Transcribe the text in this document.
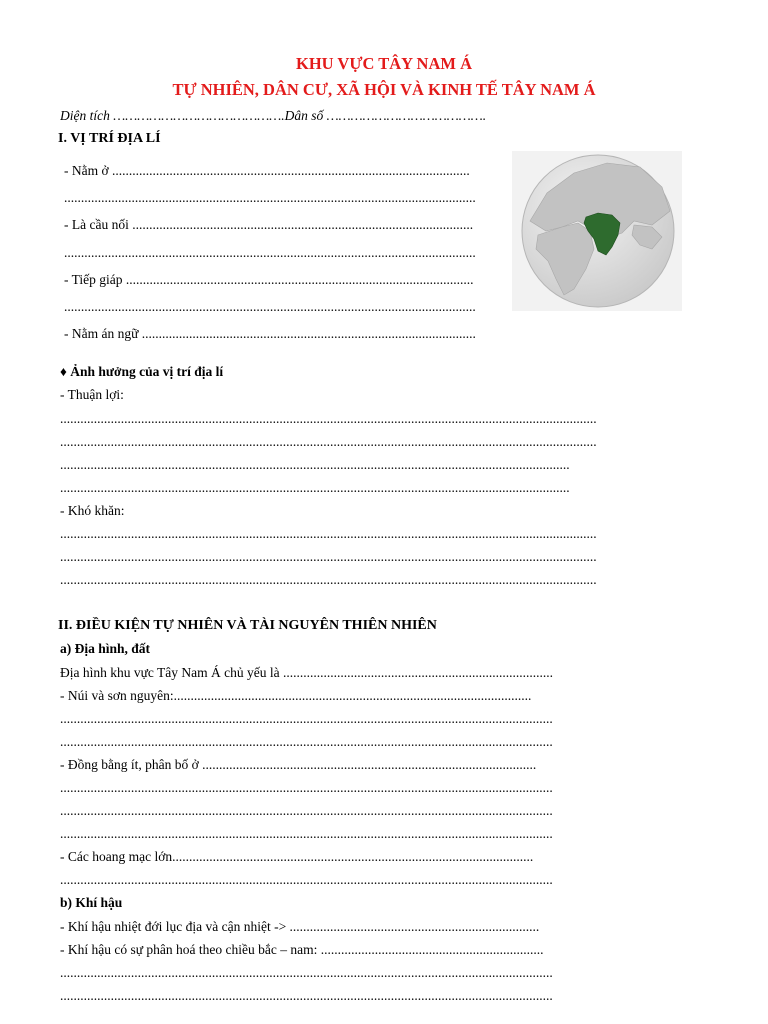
KHU VỰC TÂY NAM Á
TỰ NHIÊN, DÂN CƯ, XÃ HỘI VÀ KINH TẾ TÂY NAM Á
Diện tích …………………………………….Dân số ………………………………….
I. VỊ TRÍ ĐỊA LÍ
- Nằm ở ..........................................................................................................
..........................................................................................................................
- Là cầu nối .....................................................................................................
..........................................................................................................................
- Tiếp giáp .......................................................................................................
..........................................................................................................................
- Nằm án ngữ ...................................................................................................
♦ Ảnh hưởng của vị trí địa lí
- Thuận lợi:
...............................................................................................................................................................
...............................................................................................................................................................
.......................................................................................................................................................
.......................................................................................................................................................
- Khó khăn:
...............................................................................................................................................................
...............................................................................................................................................................
...............................................................................................................................................................
II. ĐIỀU KIỆN TỰ NHIÊN VÀ TÀI NGUYÊN THIÊN NHIÊN
a) Địa hình, đất
Địa hình khu vực Tây Nam Á chủ yếu là ................................................................................
- Núi và sơn nguyên:..........................................................................................................
..................................................................................................................................................
..................................................................................................................................................
- Đồng bằng ít, phân bố ở ...................................................................................................
..................................................................................................................................................
..................................................................................................................................................
..................................................................................................................................................
- Các hoang mạc lớn...........................................................................................................
..................................................................................................................................................
b) Khí hậu
- Khí hậu nhiệt đới lục địa và cận nhiệt -> ..........................................................................
- Khí hậu có sự phân hoá theo chiều bắc – nam: ..................................................................
..................................................................................................................................................
..................................................................................................................................................
